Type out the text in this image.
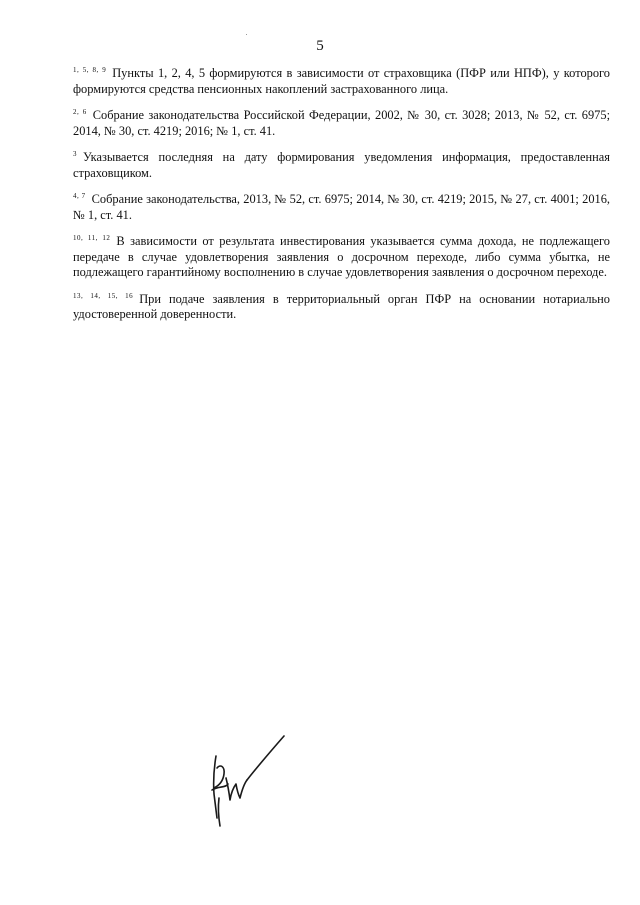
5

$^{1, 5, 8, 9}$ Пункты 1, 2, 4, 5 формируются в зависимости от страховщика (ПФР или НПФ), у которого формируются средства пенсионных накоплений застрахованного лица.

$^{2, 6}$ Собрание законодательства Российской Федерации, 2002, № 30, ст. 3028; 2013, № 52, ст. 6975; 2014, № 30, ст. 4219; 2016; № 1, ст. 41.

$^3$ Указывается последняя на дату формирования уведомления информация, предоставленная страховщиком.

$^{4, 7}$ Собрание законодательства, 2013, № 52, ст. 6975; 2014, № 30, ст. 4219; 2015, № 27, ст. 4001; 2016, № 1, ст. 41.

$^{10, 11, 12}$ В зависимости от результата инвестирования указывается сумма дохода, не подлежащего передаче в случае удовлетворения заявления о досрочном переходе, либо сумма убытка, не подлежащего гарантийному восполнению в случае удовлетворения заявления о досрочном переходе.

$^{13, 14, 15, 16}$ При подаче заявления в территориальный орган ПФР на основании нотариально удостоверенной доверенности.
